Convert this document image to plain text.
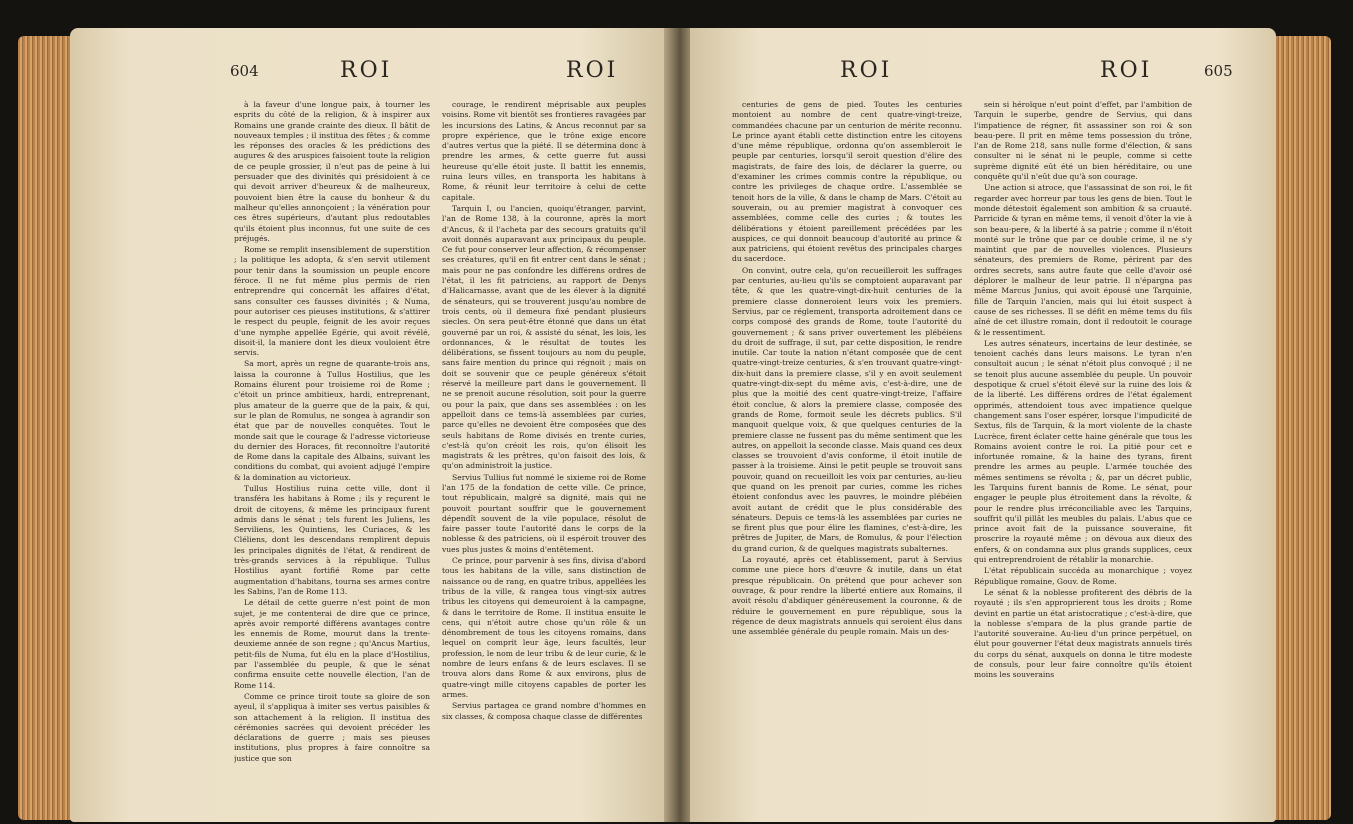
604	ROI	ROI

à la faveur d'une longue paix, à tourner les esprits du côté de la religion, & à inspirer aux Romains une grande crainte des dieux. Il bâtit de nouveaux temples ; il institua des fêtes ; & comme les réponses des oracles & les prédictions des augures & des aruspices faisoient toute la religion de ce peuple grossier, il n'eut pas de peine à lui persuader que des divinités qui présidoient à ce qui devoit arriver d'heureux & de malheureux, pouvoient bien être la cause du bonheur & du malheur qu'elles annonçoient ; la vénération pour ces êtres supérieurs, d'autant plus redoutables qu'ils étoient plus inconnus, fut une suite de ces préjugés.

Rome se remplit insensiblement de superstition ; la politique les adopta, & s'en servit utilement pour tenir dans la soumission un peuple encore féroce. Il ne fut même plus permis de rien entreprendre qui concernât les affaires d'état, sans consulter ces fausses divinités ; & Numa, pour autoriser ces pieuses institutions, & s'attirer le respect du peuple, feignit de les avoir reçues d'une nymphe appellée Egérie, qui avoit révélé, disoit-il, la maniere dont les dieux vouloient être servis.

Sa mort, après un regne de quarante-trois ans, laissa la couronne à Tullus Hostilius, que les Romains élurent pour troisieme roi de Rome ; c'étoit un prince ambitieux, hardi, entreprenant, plus amateur de la guerre que de la paix, & qui, sur le plan de Romulus, ne songea à agrandir son état que par de nouvelles conquêtes. Tout le monde sait que le courage & l'adresse victorieuse du dernier des Horaces, fit reconnoître l'autorité de Rome dans la capitale des Albains, suivant les conditions du combat, qui avoient adjugé l'empire & la domination au victorieux.

Tullus Hostilius ruina cette ville, dont il transféra les habitans à Rome ; ils y reçurent le droit de citoyens, & même les principaux furent admis dans le sénat ; tels furent les Juliens, les Serviliens, les Quintiens, les Curiaces, & les Cléliens, dont les descendans remplirent depuis les principales dignités de l'état, & rendirent de très-grands services à la république. Tullus Hostilius ayant fortifié Rome par cette augmentation d'habitans, tourna ses armes contre les Sabins, l'an de Rome 113.

Le détail de cette guerre n'est point de mon sujet, je me contenterai de dire que ce prince, après avoir remporté différens avantages contre les ennemis de Rome, mourut dans la trente-deuxieme année de son regne ; qu'Ancus Martius, petit-fils de Numa, fut élu en la place d'Hostilius, par l'assemblée du peuple, & que le sénat confirma ensuite cette nouvelle élection, l'an de Rome 114.

Comme ce prince tiroit toute sa gloire de son ayeul, il s'appliqua à imiter ses vertus paisibles & son attachement à la religion. Il institua des cérémonies sacrées qui devoient précéder les déclarations de guerre ; mais ses pieuses institutions, plus propres à faire connoître sa justice que son

courage, le rendirent méprisable aux peuples voisins. Rome vit bientôt ses frontieres ravagées par les incursions des Latins, & Ancus reconnut par sa propre expérience, que le trône exige encore d'autres vertus que la piété. Il se détermina donc à prendre les armes, & cette guerre fut aussi heureuse qu'elle étoit juste. Il battit les ennemis, ruina leurs villes, en transporta les habitans à Rome, & réunit leur territoire à celui de cette capitale.

Tarquin I, ou l'ancien, quoiqu'étranger, parvint, l'an de Rome 138, à la couronne, après la mort d'Ancus, & il l'acheta par des secours gratuits qu'il avoit donnés auparavant aux principaux du peuple. Ce fut pour conserver leur affection, & récompenser ses créatures, qu'il en fit entrer cent dans le sénat ; mais pour ne pas confondre les différens ordres de l'état, il les fit patriciens, au rapport de Denys d'Halicarnasse, avant que de les élever à la dignité de sénateurs, qui se trouverent jusqu'au nombre de trois cents, où il demeura fixé pendant plusieurs siecles. On sera peut-être étonné que dans un état gouverné par un roi, & assisté du sénat, les lois, les ordonnances, & le résultat de toutes les délibérations, se fissent toujours au nom du peuple, sans faire mention du prince qui régnoit ; mais on doit se souvenir que ce peuple généreux s'étoit réservé la meilleure part dans le gouvernement. Il ne se prenoit aucune résolution, soit pour la guerre ou pour la paix, que dans ses assemblées : on les appelloit dans ce tems-là assemblées par curies, parce qu'elles ne devoient être composées que des seuls habitans de Rome divisés en trente curies, c'est-là qu'on créoit les rois, qu'on élisoit les magistrats & les prêtres, qu'on faisoit des lois, & qu'on administroit la justice.

Servius Tullius fut nommé le sixieme roi de Rome l'an 175 de la fondation de cette ville. Ce prince, tout républicain, malgré sa dignité, mais qui ne pouvoit pourtant souffrir que le gouvernement dépendît souvent de la vile populace, résolut de faire passer toute l'autorité dans le corps de la noblesse & des patriciens, où il espéroit trouver des vues plus justes & moins d'entêtement.

Ce prince, pour parvenir à ses fins, divisa d'abord tous les habitans de la ville, sans distinction de naissance ou de rang, en quatre tribus, appellées les tribus de la ville, & rangea tous vingt-six autres tribus les citoyens qui demeuroient à la campagne, & dans le territoire de Rome. Il institua ensuite le cens, qui n'étoit autre chose qu'un rôle & un dénombrement de tous les citoyens romains, dans lequel on comprit leur âge, leurs facultés, leur profession, le nom de leur tribu & de leur curie, & le nombre de leurs enfans & de leurs esclaves. Il se trouva alors dans Rome & aux environs, plus de quatre-vingt mille citoyens capables de porter les armes.

Servius partagea ce grand nombre d'hommes en six classes, & composa chaque classe de différentes

ROI	ROI	605

centuries de gens de pied. Toutes les centuries montoient au nombre de cent quatre-vingt-treize, commandées chacune par un centurion de mérite reconnu. Le prince ayant établi cette distinction entre les citoyens d'une même république, ordonna qu'on assembleroit le peuple par centuries, lorsqu'il seroit question d'élire des magistrats, de faire des lois, de déclarer la guerre, ou d'examiner les crimes commis contre la république, ou contre les privileges de chaque ordre. L'assemblée se tenoit hors de la ville, & dans le champ de Mars. C'étoit au souverain, ou au premier magistrat à convoquer ces assemblées, comme celle des curies ; & toutes les délibérations y étoient pareillement précédées par les auspices, ce qui donnoit beaucoup d'autorité au prince & aux patriciens, qui étoient revêtus des principales charges du sacerdoce.

On convint, outre cela, qu'on recueilleroit les suffrages par centuries, au-lieu qu'ils se comptoient auparavant par tête, & que les quatre-vingt-dix-huit centuries de la premiere classe donneroient leurs voix les premiers. Servius, par ce réglement, transporta adroitement dans ce corps composé des grands de Rome, toute l'autorité du gouvernement ; & sans priver ouvertement les plébéiens du droit de suffrage, il sut, par cette disposition, le rendre inutile. Car toute la nation n'étant composée que de cent quatre-vingt-treize centuries, & s'en trouvant quatre-vingt-dix-huit dans la premiere classe, s'il y en avoit seulement quatre-vingt-dix-sept du même avis, c'est-à-dire, une de plus que la moitié des cent quatre-vingt-treize, l'affaire étoit conclue, & alors la premiere classe, composée des grands de Rome, formoit seule les décrets publics. S'il manquoit quelque voix, & que quelques centuries de la premiere classe ne fussent pas du même sentiment que les autres, on appelloit la seconde classe. Mais quand ces deux classes se trouvoient d'avis conforme, il étoit inutile de passer à la troisieme. Ainsi le petit peuple se trouvoit sans pouvoir, quand on recueilloit les voix par centuries, au-lieu que quand on les prenoit par curies, comme les riches étoient confondus avec les pauvres, le moindre plébéien avoit autant de crédit que le plus considérable des sénateurs. Depuis ce tems-là les assemblées par curies ne se firent plus que pour élire les flamines, c'est-à-dire, les prêtres de Jupiter, de Mars, de Romulus, & pour l'élection du grand curion, & de quelques magistrats subalternes.

La royauté, après cet établissement, parut à Servius comme une piece hors d'œuvre & inutile, dans un état presque républicain. On prétend que pour achever son ouvrage, & pour rendre la liberté entiere aux Romains, il avoit résolu d'abdiquer généreusement la couronne, & de réduire le gouvernement en pure république, sous la régence de deux magistrats annuels qui seroient élus dans une assemblée générale du peuple romain. Mais un des-

sein si héroïque n'eut point d'effet, par l'ambition de Tarquin le superbe, gendre de Servius, qui dans l'impatience de régner, fit assassiner son roi & son beau-pere. Il prit en même tems possession du trône, l'an de Rome 218, sans nulle forme d'élection, & sans consulter ni le sénat ni le peuple, comme si cette suprème dignité eût été un bien héréditaire, ou une conquête qu'il n'eût due qu'à son courage.

Une action si atroce, que l'assassinat de son roi, le fit regarder avec horreur par tous les gens de bien. Tout le monde détestoit également son ambition & sa cruauté. Parricide & tyran en même tems, il venoit d'ôter la vie à son beau-pere, & la liberté à sa patrie ; comme il n'étoit monté sur le trône que par ce double crime, il ne s'y maintint que par de nouvelles violences. Plusieurs sénateurs, des premiers de Rome, périrent par des ordres secrets, sans autre faute que celle d'avoir osé déplorer le malheur de leur patrie. Il n'épargna pas même Marcus Junius, qui avoit épousé une Tarquinie, fille de Tarquin l'ancien, mais qui lui étoit suspect à cause de ses richesses. Il se défit en même tems du fils aîné de cet illustre romain, dont il redoutoit le courage & le ressentiment.

Les autres sénateurs, incertains de leur destinée, se tenoient cachés dans leurs maisons. Le tyran n'en consultoit aucun ; le sénat n'étoit plus convoqué ; il ne se tenoit plus aucune assemblée du peuple. Un pouvoir despotique & cruel s'étoit élevé sur la ruine des lois & de la liberté. Les différens ordres de l'état également opprimés, attendoient tous avec impatience quelque changement sans l'oser espérer, lorsque l'impudicité de Sextus, fils de Tarquin, & la mort violente de la chaste Lucrèce, firent éclater cette haine générale que tous les Romains avoient contre le roi. La pitié pour cet e infortunée romaine, & la haine des tyrans, firent prendre les armes au peuple. L'armée touchée des mêmes sentimens se révolta ; &, par un décret public, les Tarquins furent bannis de Rome. Le sénat, pour engager le peuple plus étroitement dans la révolte, & pour le rendre plus irréconciliable avec les Tarquins, souffrit qu'il pillât les meubles du palais. L'abus que ce prince avoit fait de la puissance souveraine, fit proscrire la royauté même ; on dévoua aux dieux des enfers, & on condamna aux plus grands supplices, ceux qui entreprendroient de rétablir la monarchie.

L'état républicain succéda au monarchique ; voyez République romaine, Gouv. de Rome.

Le sénat & la noblesse profiterent des débris de la royauté ; ils s'en approprierent tous les droits ; Rome devint en partie un état aristocratique ; c'est-à-dire, que la noblesse s'empara de la plus grande partie de l'autorité souveraine. Au-lieu d'un prince perpétuel, on élut pour gouverner l'état deux magistrats annuels tirés du corps du sénat, auxquels on donna le titre modeste de consuls, pour leur faire connoître qu'ils étoient moins les souverains
